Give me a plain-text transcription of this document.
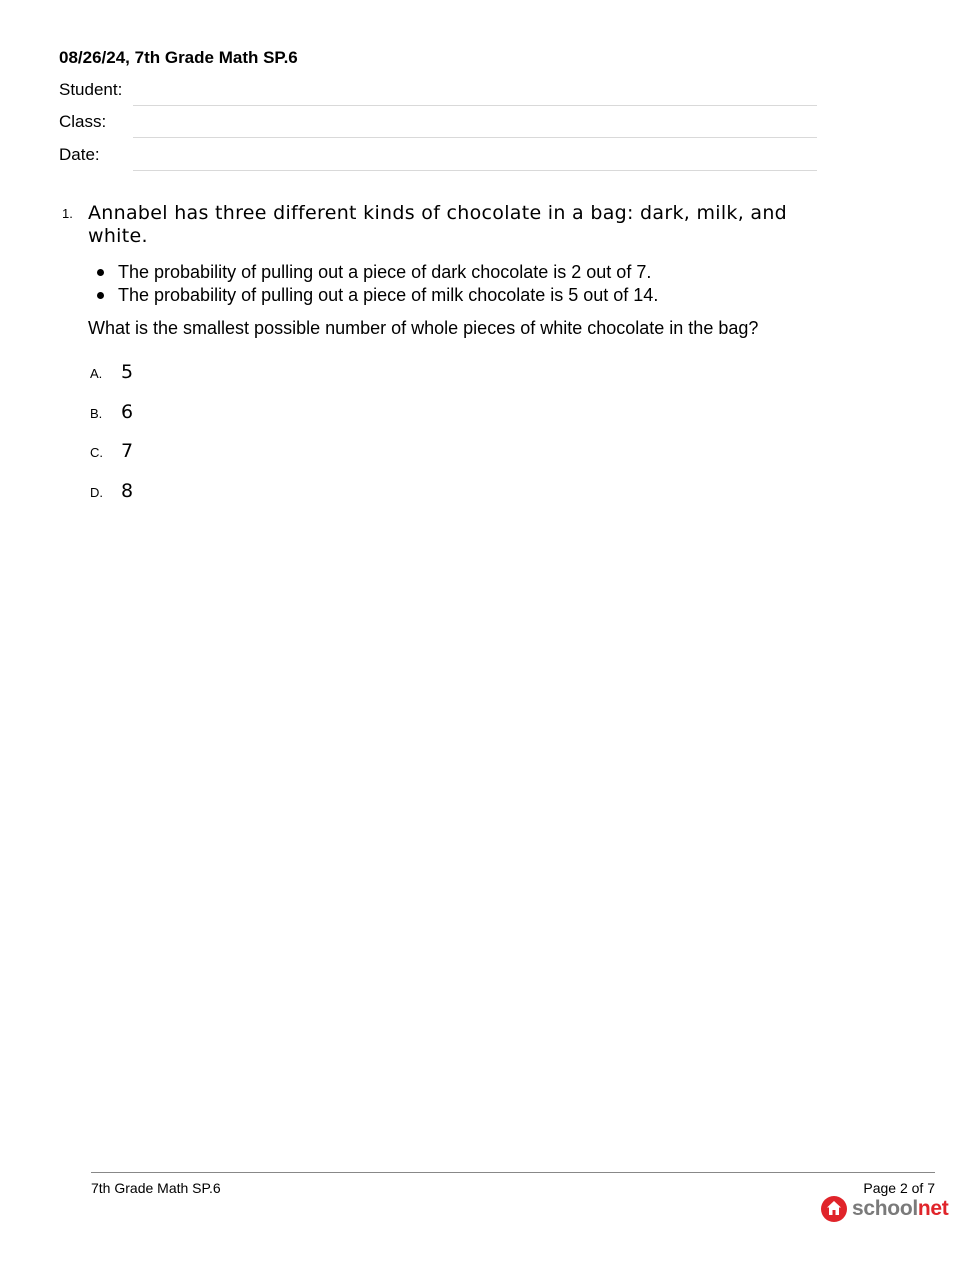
08/26/24, 7th Grade Math SP.6
Student:
Class:
Date:
1. Annabel has three different kinds of chocolate in a bag: dark, milk, and white.
The probability of pulling out a piece of dark chocolate is 2 out of 7.
The probability of pulling out a piece of milk chocolate is 5 out of 14.
What is the smallest possible number of whole pieces of white chocolate in the bag?
A. 5
B. 6
C. 7
D. 8
7th Grade Math SP.6	Page 2 of 7
schoolnet
